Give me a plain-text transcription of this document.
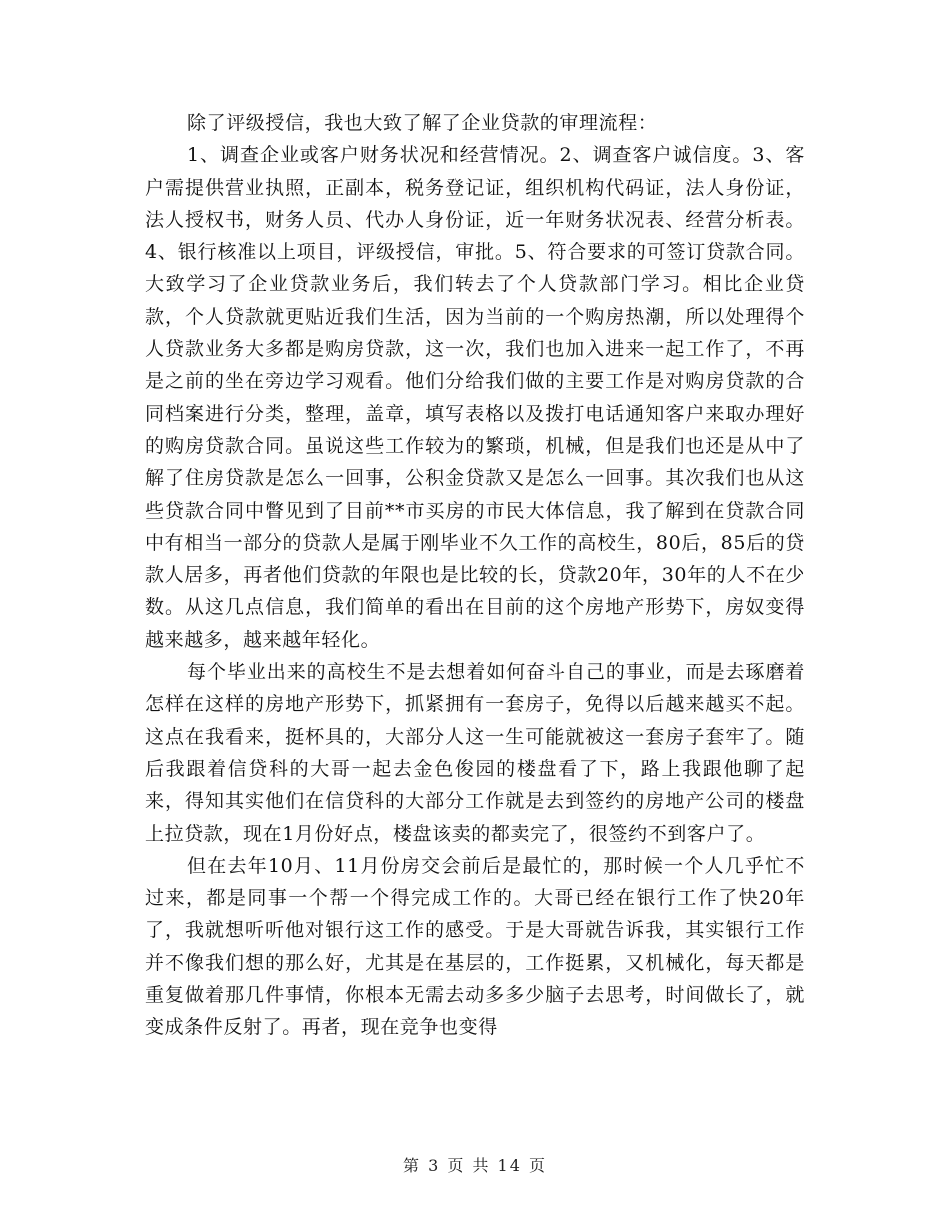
除了评级授信，我也大致了解了企业贷款的审理流程：

1、调查企业或客户财务状况和经营情况。2、调查客户诚信度。3、客户需提供营业执照，正副本，税务登记证，组织机构代码证，法人身份证，法人授权书，财务人员、代办人身份证，近一年财务状况表、经营分析表。4、银行核准以上项目，评级授信，审批。5、符合要求的可签订贷款合同。大致学习了企业贷款业务后，我们转去了个人贷款部门学习。相比企业贷款，个人贷款就更贴近我们生活，因为当前的一个购房热潮，所以处理得个人贷款业务大多都是购房贷款，这一次，我们也加入进来一起工作了，不再是之前的坐在旁边学习观看。他们分给我们做的主要工作是对购房贷款的合同档案进行分类，整理，盖章，填写表格以及拨打电话通知客户来取办理好的购房贷款合同。虽说这些工作较为的繁琐，机械，但是我们也还是从中了解了住房贷款是怎么一回事，公积金贷款又是怎么一回事。其次我们也从这些贷款合同中瞥见到了目前**市买房的市民大体信息，我了解到在贷款合同中有相当一部分的贷款人是属于刚毕业不久工作的高校生，80后，85后的贷款人居多，再者他们贷款的年限也是比较的长，贷款20年，30年的人不在少数。从这几点信息，我们简单的看出在目前的这个房地产形势下，房奴变得越来越多，越来越年轻化。

每个毕业出来的高校生不是去想着如何奋斗自己的事业，而是去琢磨着怎样在这样的房地产形势下，抓紧拥有一套房子，免得以后越来越买不起。这点在我看来，挺杯具的，大部分人这一生可能就被这一套房子套牢了。随后我跟着信贷科的大哥一起去金色俊园的楼盘看了下，路上我跟他聊了起来，得知其实他们在信贷科的大部分工作就是去到签约的房地产公司的楼盘上拉贷款，现在1月份好点，楼盘该卖的都卖完了，很签约不到客户了。

但在去年10月、11月份房交会前后是最忙的，那时候一个人几乎忙不过来，都是同事一个帮一个得完成工作的。大哥已经在银行工作了快20年了，我就想听听他对银行这工作的感受。于是大哥就告诉我，其实银行工作并不像我们想的那么好，尤其是在基层的，工作挺累，又机械化，每天都是重复做着那几件事情，你根本无需去动多多少脑子去思考，时间做长了，就变成条件反射了。再者，现在竞争也变得

第 3 页 共 14 页
